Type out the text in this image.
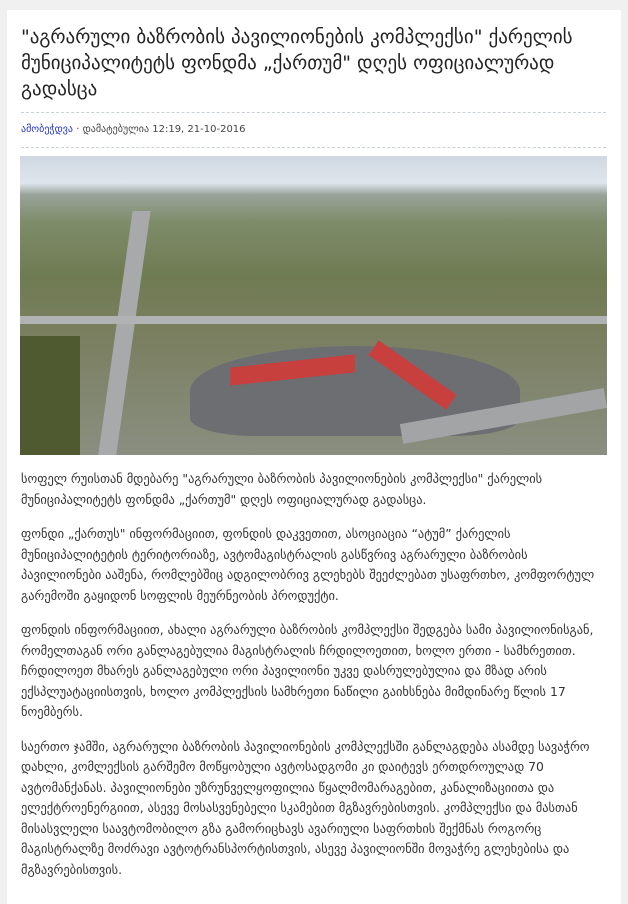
"აგრარული ბაზრობის პავილიონების კომპლექსი" ქარელის მუნიციპალიტეტს ფონდმა „ქართუმ" დღეს ოფიციალურად გადასცა
ამობეჭდვა · დამატებულია 12:19, 21-10-2016

სოფელ რუისთან მდებარე "აგრარული ბაზრობის პავილიონების კომპლექსი" ქარელის მუნიციპალიტეტს ფონდმა „ქართუმ" დღეს ოფიციალურად გადასცა.

ფონდი „ქართუს" ინფორმაციით, ფონდის დაკვეთით, ასოციაცია “ატუმ” ქარელის მუნიციპალიტეტის ტერიტორიაზე, ავტომაგისტრალის გასწვრივ აგრარული ბაზრობის პავილიონები ააშენა, რომლებშიც ადგილობრივ გლეხებს შეეძლებათ უსაფრთხო, კომფორტულ გარემოში გაყიდონ სოფლის მეურნეობის პროდუქტი.

ფონდის ინფორმაციით, ახალი აგრარული ბაზრობის კომპლექსი შედგება სამი პავილიონისგან, რომელთაგან ორი განლაგებულია მაგისტრალის ჩრდილოეთით, ხოლო ერთი - სამხრეთით. ჩრდილოეთ მხარეს განლაგებული ორი პავილიონი უკვე დასრულებულია და მზად არის ექსპლუატაციისთვის, ხოლო კომპლექსის სამხრეთი ნაწილი გაიხსნება მიმდინარე წლის 17 ნოემბერს.

საერთო ჯამში, აგრარული ბაზრობის პავილიონების კომპლექსში განლაგდება ასამდე სავაჭრო დახლი, კომლექსის გარშემო მოწყობული ავტოსადგომი კი დაიტევს ერთდროულად 70 ავტომანქანას. პავილიონები უზრუნველყოფილია წყალმომარაგებით, კანალიზაციითა და ელექტროენერგიით, ასევე მოსასვენებელი სკამებით მგზავრებისთვის. კომპლექსი და მასთან მისასვლელი საავტომობილო გზა გამორიცხავს ავარიული საფრთხის შექმნას როგორც მაგისტრალზე მოძრავი ავტოტრანსპორტისთვის, ასევე პავილიონში მოვაჭრე გლეხებისა და მგზავრებისთვის.
